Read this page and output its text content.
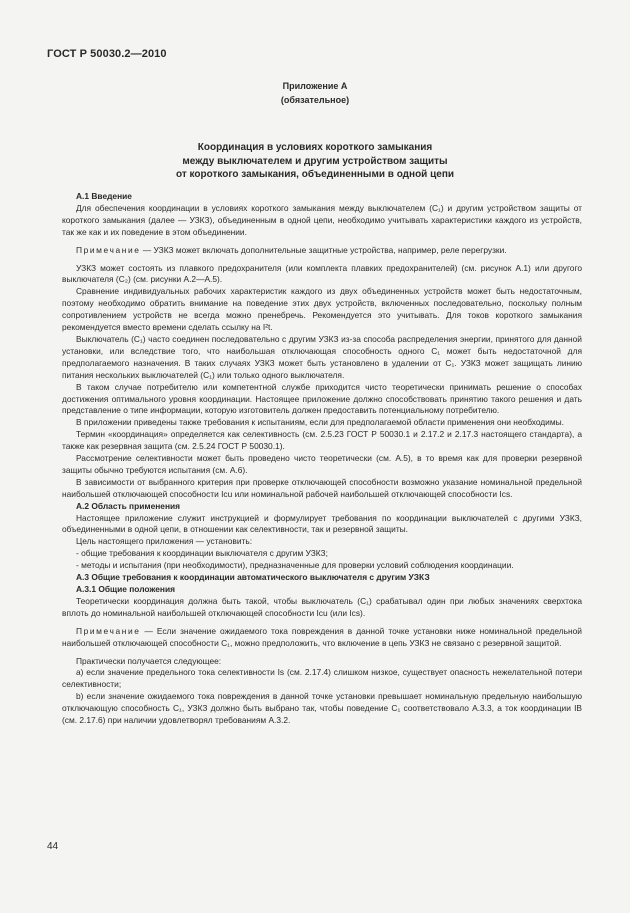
ГОСТ Р 50030.2—2010
Приложение А
(обязательное)
Координация в условиях короткого замыкания
между выключателем и другим устройством защиты
от короткого замыкания, объединенными в одной цепи

А.1 Введение

Для обеспечения координации в условиях короткого замыкания между выключателем (C₁) и другим устройством защиты от короткого замыкания (далее — УЗКЗ), объединенным в одной цепи, необходимо учитывать характеристики каждого из устройств, так же как и их поведение в этом объединении.

Примечание — УЗКЗ может включать дополнительные защитные устройства, например, реле перегрузки.

УЗКЗ может состоять из плавкого предохранителя (или комплекта плавких предохранителей) (см. рисунок А.1) или другого выключателя (C₂) (см. рисунки А.2—А.5).

Сравнение индивидуальных рабочих характеристик каждого из двух объединенных устройств может быть недостаточным, поэтому необходимо обратить внимание на поведение этих двух устройств, включенных последовательно, поскольку полным сопротивлением устройств не всегда можно пренебречь. Рекомендуется это учитывать. Для токов короткого замыкания рекомендуется вместо времени сделать ссылку на I²t.

Выключатель (C₁) часто соединен последовательно с другим УЗКЗ из-за способа распределения энергии, принятого для данной установки, или вследствие того, что наибольшая отключающая способность одного C₁ может быть недостаточной для предполагаемого назначения. В таких случаях УЗКЗ может быть установлено в удалении от C₁. УЗКЗ может защищать линию питания нескольких выключателей (C₁) или только одного выключателя.

В таком случае потребителю или компетентной службе приходится чисто теоретически принимать решение о способах достижения оптимального уровня координации. Настоящее приложение должно способствовать принятию такого решения и дать представление о типе информации, которую изготовитель должен предоставить потенциальному потребителю.

В приложении приведены также требования к испытаниям, если для предполагаемой области применения они необходимы.

Термин «координация» определяется как селективность (см. 2.5.23 ГОСТ Р 50030.1 и 2.17.2 и 2.17.3 настоящего стандарта), а также как резервная защита (см. 2.5.24 ГОСТ Р 50030.1).

Рассмотрение селективности может быть проведено чисто теоретически (см. А.5), в то время как для проверки резервной защиты обычно требуются испытания (см. А.6).

В зависимости от выбранного критерия при проверке отключающей способности возможно указание номинальной предельной наибольшей отключающей способности Icu или номинальной рабочей наибольшей отключающей способности Ics.

А.2 Область применения

Настоящее приложение служит инструкцией и формулирует требования по координации выключателей с другими УЗКЗ, объединенными в одной цепи, в отношении как селективности, так и резервной защиты.

Цель настоящего приложения — установить:

- общие требования к координации выключателя с другим УЗКЗ;

- методы и испытания (при необходимости), предназначенные для проверки условий соблюдения координации.

А.3 Общие требования к координации автоматического выключателя с другим УЗКЗ

А.3.1 Общие положения

Теоретически координация должна быть такой, чтобы выключатель (C₁) срабатывал один при любых значениях сверхтока вплоть до номинальной наибольшей отключающей способности Icu (или Ics).

Примечание — Если значение ожидаемого тока повреждения в данной точке установки ниже номинальной предельной наибольшей отключающей способности C₁, можно предположить, что включение в цепь УЗКЗ не связано с резервной защитой.

Практически получается следующее:

а) если значение предельного тока селективности Is (см. 2.17.4) слишком низкое, существует опасность нежелательной потери селективности;

b) если значение ожидаемого тока повреждения в данной точке установки превышает номинальную предельную наибольшую отключающую способность C₁, УЗКЗ должно быть выбрано так, чтобы поведение C₁ соответствовало А.3.3, а ток координации IB (см. 2.17.6) при наличии удовлетворял требованиям А.3.2.

44
